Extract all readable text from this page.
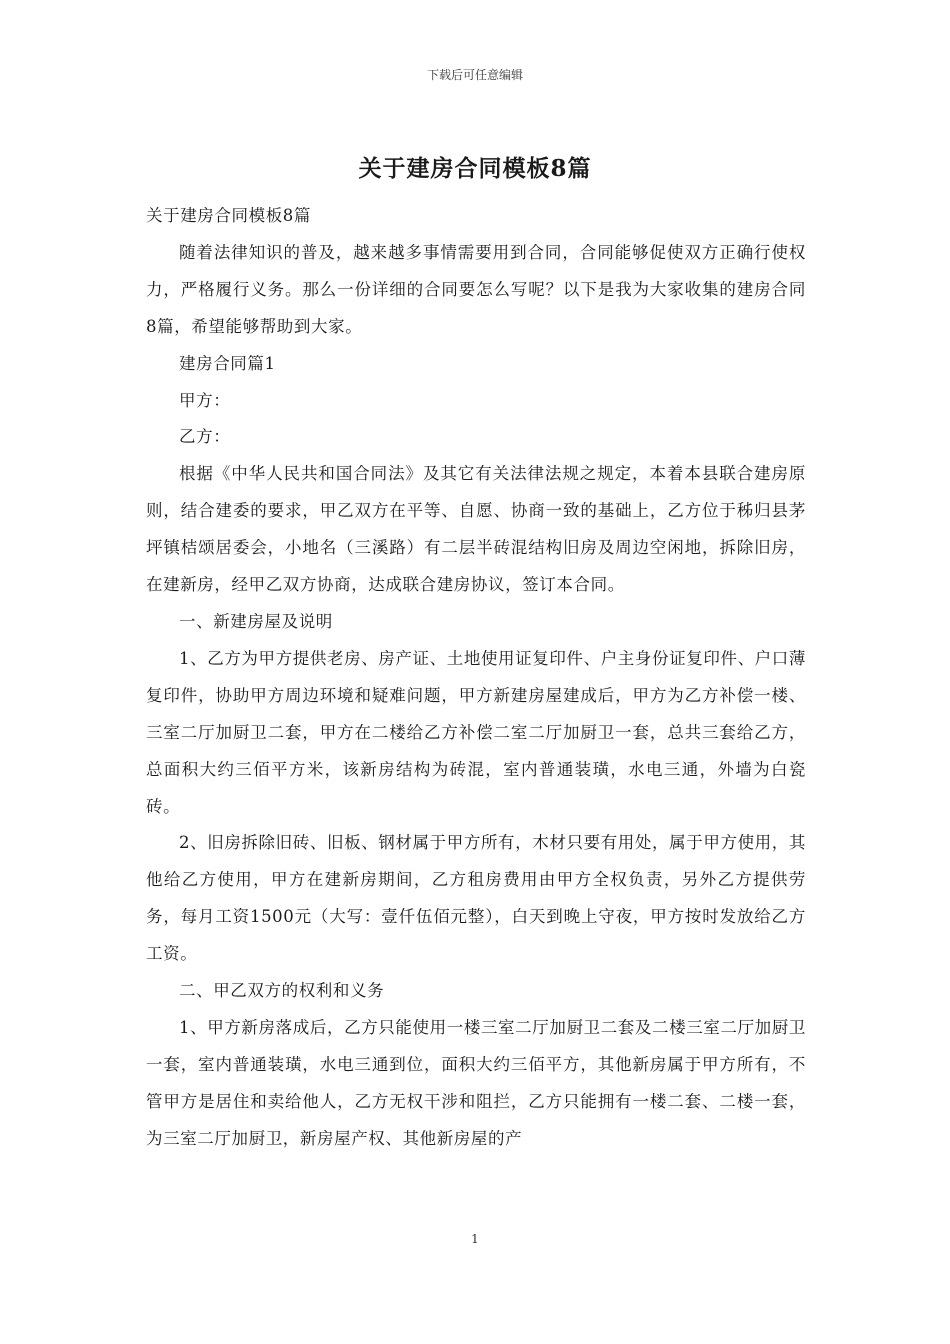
下载后可任意编辑
关于建房合同模板8篇

关于建房合同模板8篇

随着法律知识的普及，越来越多事情需要用到合同，合同能够促使双方正确行使权力，严格履行义务。那么一份详细的合同要怎么写呢？以下是我为大家收集的建房合同8篇，希望能够帮助到大家。

建房合同篇1

甲方：

乙方：

根据《中华人民共和国合同法》及其它有关法律法规之规定，本着本县联合建房原则，结合建委的要求，甲乙双方在平等、自愿、协商一致的基础上，乙方位于秭归县茅坪镇桔颂居委会，小地名（三溪路）有二层半砖混结构旧房及周边空闲地，拆除旧房，在建新房，经甲乙双方协商，达成联合建房协议，签订本合同。

一、新建房屋及说明

1、乙方为甲方提供老房、房产证、土地使用证复印件、户主身份证复印件、户口薄复印件，协助甲方周边环境和疑难问题，甲方新建房屋建成后，甲方为乙方补偿一楼、三室二厅加厨卫二套，甲方在二楼给乙方补偿二室二厅加厨卫一套，总共三套给乙方，总面积大约三佰平方米，该新房结构为砖混，室内普通装璜，水电三通，外墙为白瓷砖。

2、旧房拆除旧砖、旧板、钢材属于甲方所有，木材只要有用处，属于甲方使用，其他给乙方使用，甲方在建新房期间，乙方租房费用由甲方全权负责，另外乙方提供劳务，每月工资1500元（大写：壹仟伍佰元整），白天到晚上守夜，甲方按时发放给乙方工资。

二、甲乙双方的权利和义务

1、甲方新房落成后，乙方只能使用一楼三室二厅加厨卫二套及二楼三室二厅加厨卫一套，室内普通装璜，水电三通到位，面积大约三佰平方，其他新房属于甲方所有，不管甲方是居住和卖给他人，乙方无权干涉和阻拦，乙方只能拥有一楼二套、二楼一套，为三室二厅加厨卫，新房屋产权、其他新房屋的产

1
